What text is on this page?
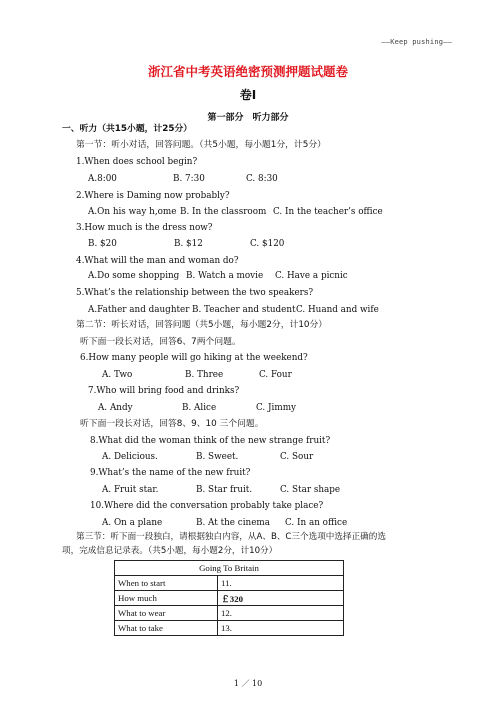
——Keep pushing——
浙江省中考英语绝密预测押题试题卷
卷I
第一部分　听力部分
一、听力（共15小题，计25分）
第一节：听小对话，回答问题。（共5小题，每小题1分，计5分）
1.When does school begin?
A.8:00	B. 7:30	C. 8:30
2.Where is Daming now probably?
A.On his way h,ome B. In the classroom C. In the teacher’s office
3.How much is the dress now?
B. $20	B. $12	C. $120
4.What will the man and woman do?
A.Do some shopping B. Watch a movie C. Have a picnic
5.What’s the relationship between the two speakers?
A.Father and daughter B. Teacher and student C. Huand and wife
第二节：听长对话，回答问题（共5小题，每小题2分，计10分）
听下面一段长对话，回答6、7两个问题。
6.How many people will go hiking at the weekend?
A. Two	B. Three	C. Four
7.Who will bring food and drinks?
A. Andy	B. Alice	C. Jimmy
听下面一段长对话，回答8、9、10 三个问题。
8.What did the woman think of the new strange fruit?
A. Delicious.	B. Sweet.	C. Sour
9.What’s the name of the new fruit?
A. Fruit star.	B. Star fruit.	C. Star shape
10.Where did the conversation probably take place?
A. On a plane	B. At the cinema C. In an office
第三节：听下面一段独白，请根据独白内容，从A、B、C三个选项中选择正确的选
项，完成信息记录表。（共5小题，每小题2分，计10分）
Going To Britain	
When to start	11.
How much	￡320
What to wear	12.
What to take	13.
1 ／ 10
